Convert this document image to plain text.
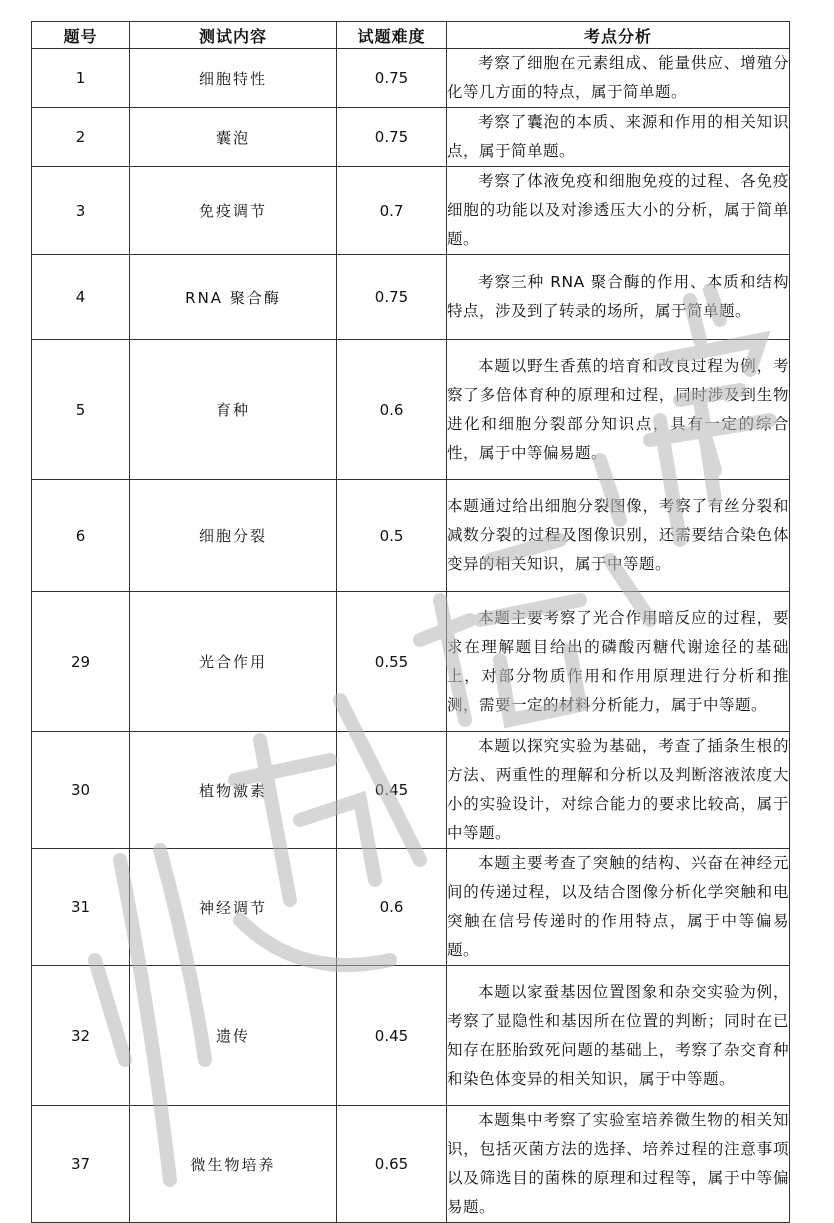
题号	测试内容	试题难度	考点分析
1	细胞特性	0.75	考察了细胞在元素组成、能量供应、增殖分化等几方面的特点，属于简单题。

2	囊泡	0.75	考察了囊泡的本质、来源和作用的相关知识点，属于简单题。

3	免疫调节	0.7	考察了体液免疫和细胞免疫的过程、各免疫细胞的功能以及对渗透压大小的分析，属于简单题。

4	RNA 聚合酶	0.75	考察三种 RNA 聚合酶的作用、本质和结构特点，涉及到了转录的场所，属于简单题。

5	育种	0.6	本题以野生香蕉的培育和改良过程为例，考察了多倍体育种的原理和过程，同时涉及到生物进化和细胞分裂部分知识点，具有一定的综合性，属于中等偏易题。

6	细胞分裂	0.5	本题通过给出细胞分裂图像，考察了有丝分裂和减数分裂的过程及图像识别，还需要结合染色体变异的相关知识，属于中等题。

29	光合作用	0.55	本题主要考察了光合作用暗反应的过程，要求在理解题目给出的磷酸丙糖代谢途径的基础上，对部分物质作用和作用原理进行分析和推测，需要一定的材料分析能力，属于中等题。

30	植物激素	0.45	本题以探究实验为基础，考查了插条生根的方法、两重性的理解和分析以及判断溶液浓度大小的实验设计，对综合能力的要求比较高，属于中等题。

31	神经调节	0.6	本题主要考查了突触的结构、兴奋在神经元间的传递过程，以及结合图像分析化学突触和电突触在信号传递时的作用特点，属于中等偏易题。

32	遗传	0.45	本题以家蚕基因位置图象和杂交实验为例，考察了显隐性和基因所在位置的判断；同时在已知存在胚胎致死问题的基础上，考察了杂交育种和染色体变异的相关知识，属于中等题。

37	微生物培养	0.65	本题集中考察了实验室培养微生物的相关知识，包括灭菌方法的选择、培养过程的注意事项以及筛选目的菌株的原理和过程等，属于中等偏易题。
